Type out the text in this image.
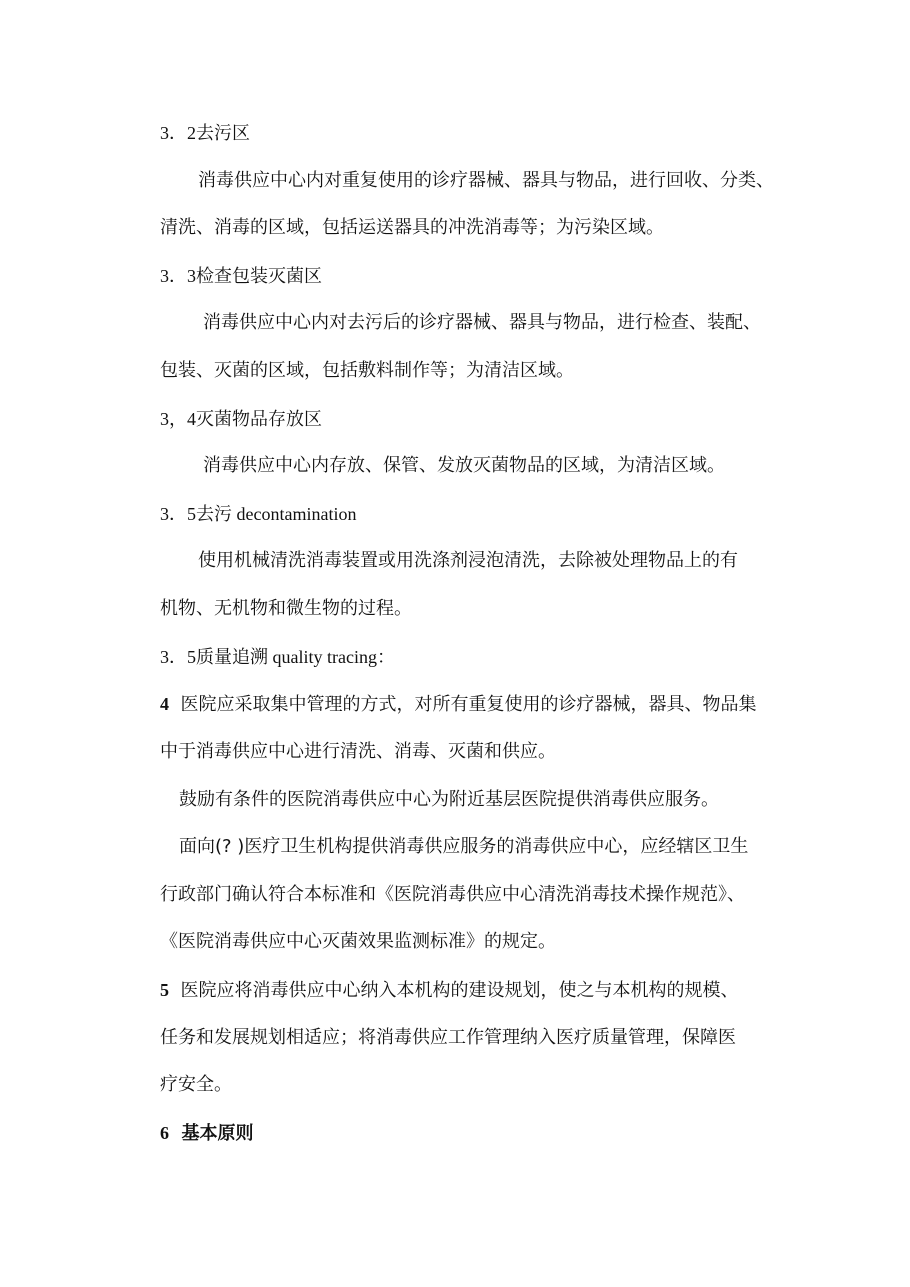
3．2去污区
消毒供应中心内对重复使用的诊疗器械、器具与物品，进行回收、分类、
清洗、消毒的区域，包括运送器具的冲洗消毒等；为污染区域。
3．3检查包装灭菌区
消毒供应中心内对去污后的诊疗器械、器具与物品，进行检查、装配、
包装、灭菌的区域，包括敷料制作等；为清洁区域。
3，4灭菌物品存放区
消毒供应中心内存放、保管、发放灭菌物品的区域，为清洁区域。
3．5去污 decontamination
使用机械清洗消毒装置或用洗涤剂浸泡清洗，去除被处理物品上的有
机物、无机物和微生物的过程。
3．5质量追溯 quality tracing：
4 医院应采取集中管理的方式，对所有重复使用的诊疗器械，器具、物品集
中于消毒供应中心进行清洗、消毒、灭菌和供应。
鼓励有条件的医院消毒供应中心为附近基层医院提供消毒供应服务。
面向(? )医疗卫生机构提供消毒供应服务的消毒供应中心，应经辖区卫生
行政部门确认符合本标准和《医院消毒供应中心清洗消毒技术操作规范》、
《医院消毒供应中心灭菌效果监测标准》的规定。
5 医院应将消毒供应中心纳入本机构的建设规划，使之与本机构的规模、
任务和发展规划相适应；将消毒供应工作管理纳入医疗质量管理，保障医
疗安全。
6 基本原则
